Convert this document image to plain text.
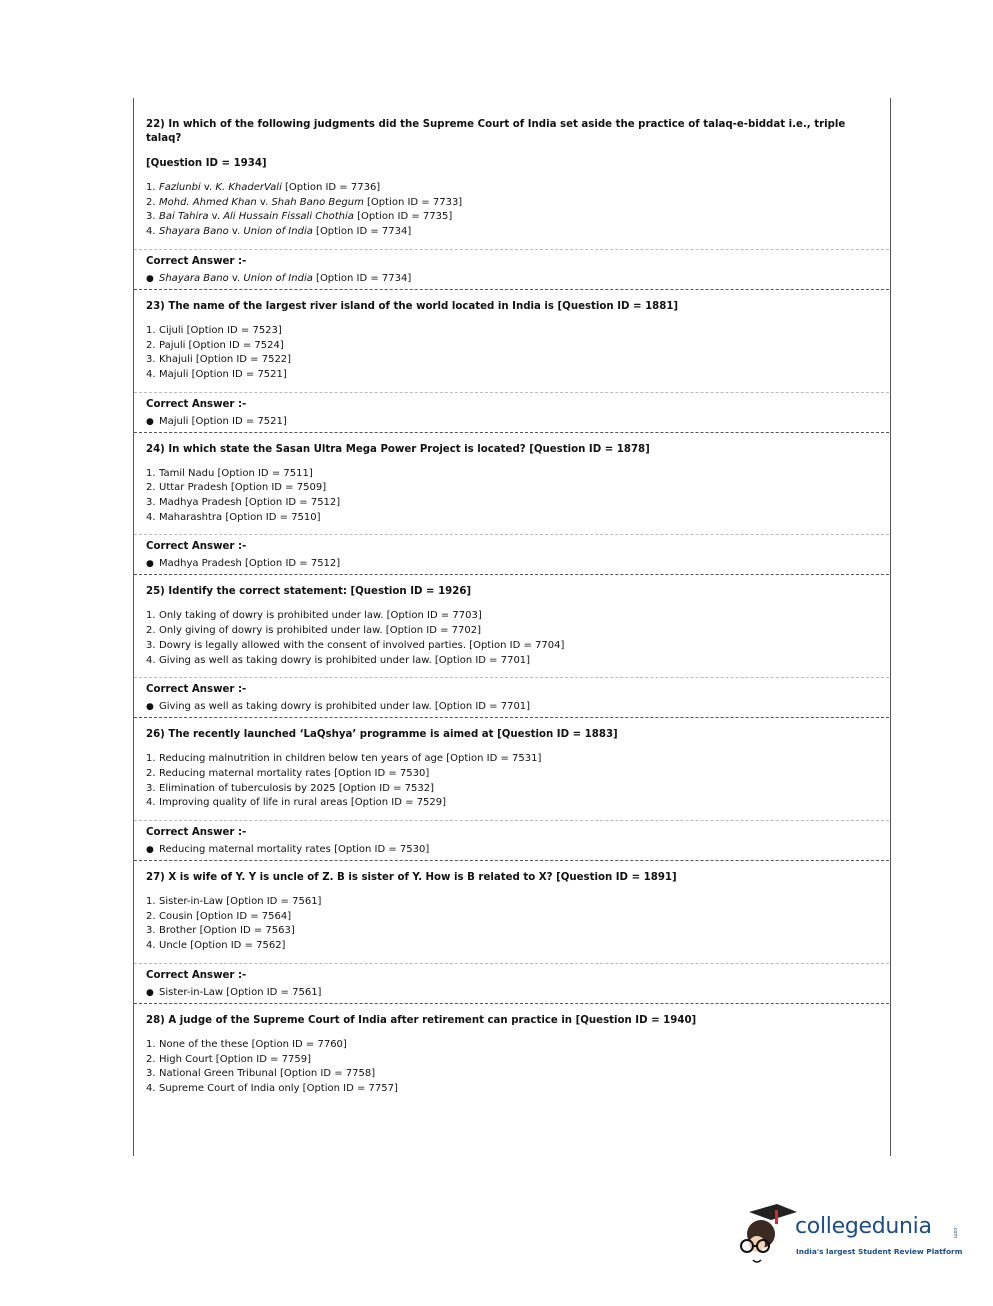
22) In which of the following judgments did the Supreme Court of India set aside the practice of talaq-e-biddat i.e., triple talaq?

[Question ID = 1934]

1. Fazlunbi v. K. KhaderVali [Option ID = 7736]
2. Mohd. Ahmed Khan v. Shah Bano Begum [Option ID = 7733]
3. Bai Tahira v. Ali Hussain Fissali Chothia [Option ID = 7735]
4. Shayara Bano v. Union of India [Option ID = 7734]

Correct Answer :-

● Shayara Bano v. Union of India [Option ID = 7734]

23) The name of the largest river island of the world located in India is [Question ID = 1881]

1. Cijuli [Option ID = 7523]
2. Pajuli [Option ID = 7524]
3. Khajuli [Option ID = 7522]
4. Majuli [Option ID = 7521]

Correct Answer :-

● Majuli [Option ID = 7521]

24) In which state the Sasan Ultra Mega Power Project is located? [Question ID = 1878]

1. Tamil Nadu [Option ID = 7511]
2. Uttar Pradesh [Option ID = 7509]
3. Madhya Pradesh [Option ID = 7512]
4. Maharashtra [Option ID = 7510]

Correct Answer :-

● Madhya Pradesh [Option ID = 7512]

25) Identify the correct statement: [Question ID = 1926]

1. Only taking of dowry is prohibited under law. [Option ID = 7703]
2. Only giving of dowry is prohibited under law. [Option ID = 7702]
3. Dowry is legally allowed with the consent of involved parties. [Option ID = 7704]
4. Giving as well as taking dowry is prohibited under law. [Option ID = 7701]

Correct Answer :-

● Giving as well as taking dowry is prohibited under law. [Option ID = 7701]

26) The recently launched ‘LaQshya’ programme is aimed at [Question ID = 1883]

1. Reducing malnutrition in children below ten years of age [Option ID = 7531]
2. Reducing maternal mortality rates [Option ID = 7530]
3. Elimination of tuberculosis by 2025 [Option ID = 7532]
4. Improving quality of life in rural areas [Option ID = 7529]

Correct Answer :-

● Reducing maternal mortality rates [Option ID = 7530]

27) X is wife of Y. Y is uncle of Z. B is sister of Y. How is B related to X? [Question ID = 1891]

1. Sister-in-Law [Option ID = 7561]
2. Cousin [Option ID = 7564]
3. Brother [Option ID = 7563]
4. Uncle [Option ID = 7562]

Correct Answer :-

● Sister-in-Law [Option ID = 7561]

28) A judge of the Supreme Court of India after retirement can practice in [Question ID = 1940]

1. None of the these [Option ID = 7760]
2. High Court [Option ID = 7759]
3. National Green Tribunal [Option ID = 7758]
4. Supreme Court of India only [Option ID = 7757]
collegedunia	.com
India's largest Student Review Platform
